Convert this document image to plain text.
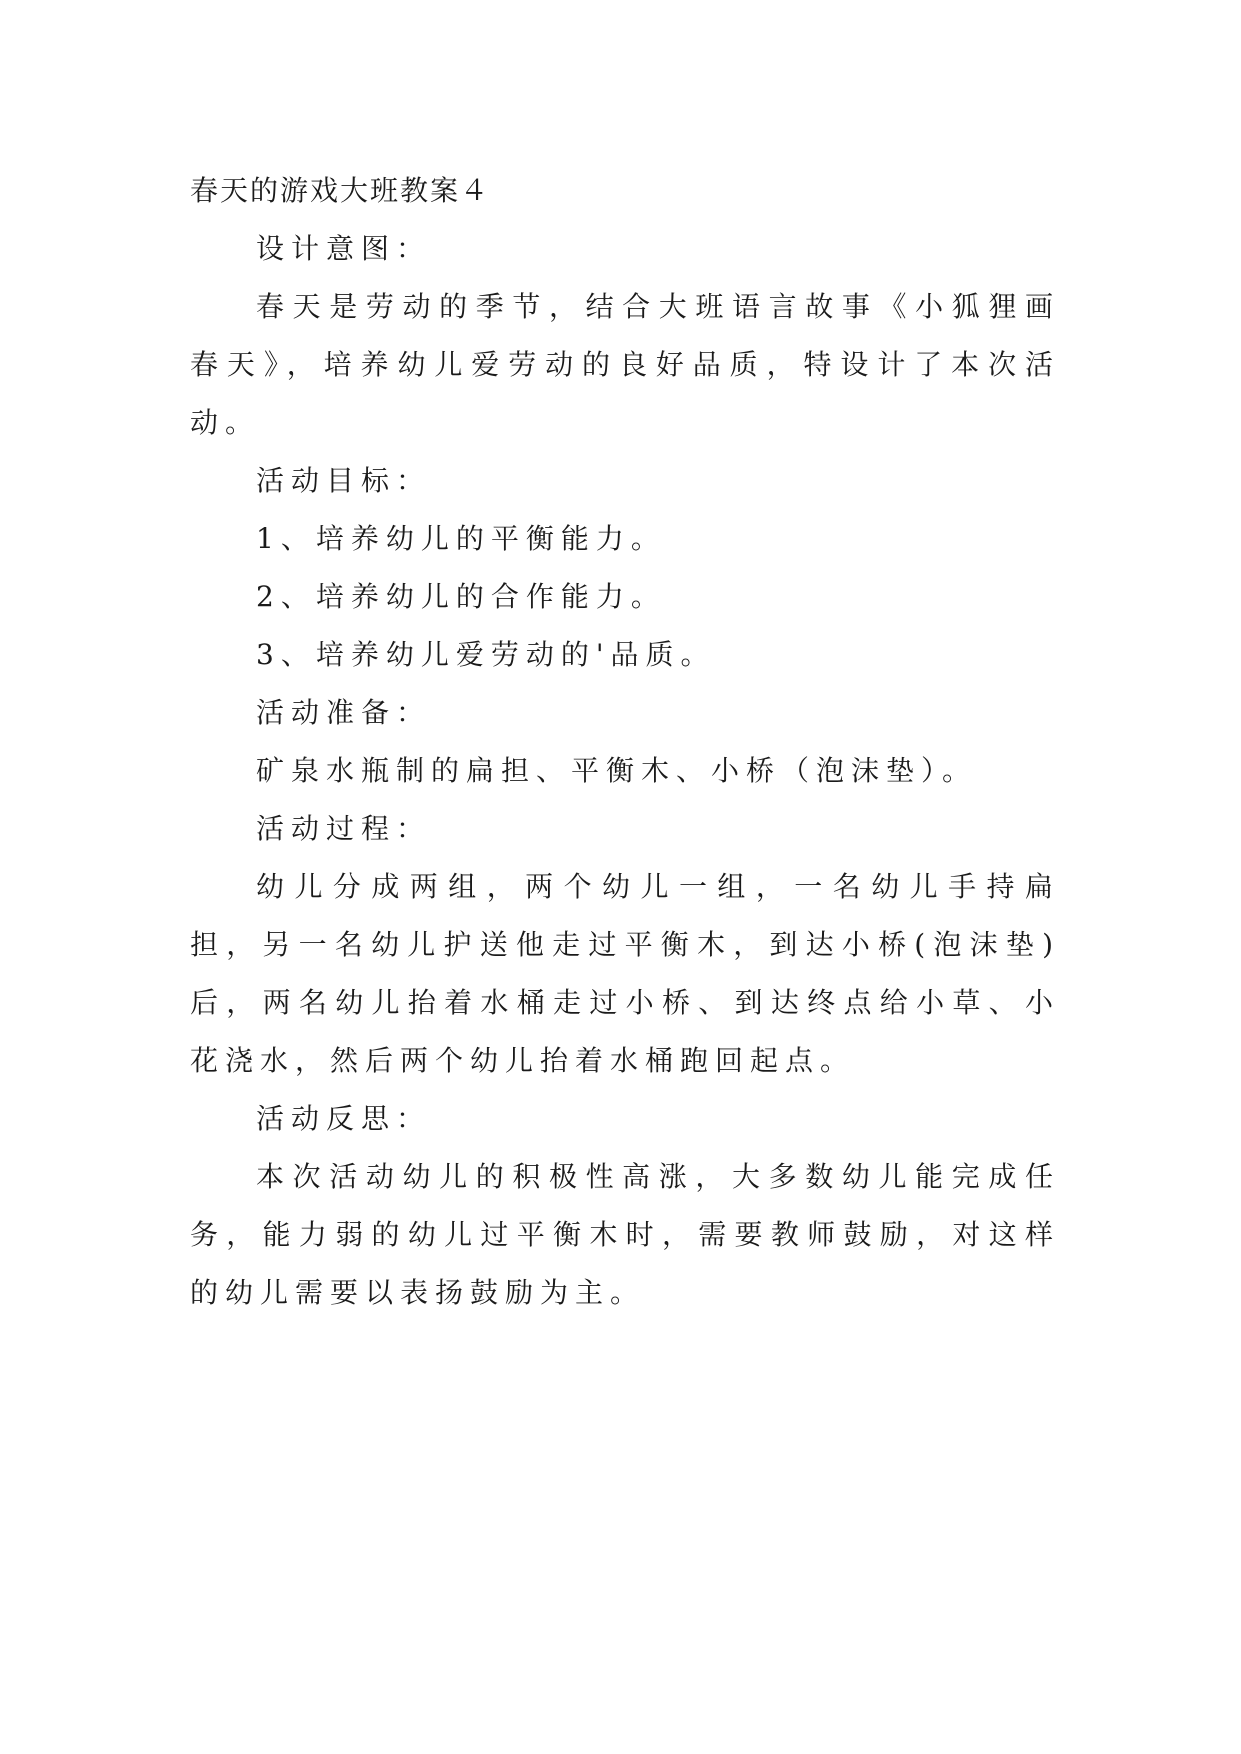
春天的游戏大班教案４

设计意图：

春天是劳动的季节，结合大班语言故事《小狐狸画春天》，培养幼儿爱劳动的良好品质，特设计了本次活动。

活动目标：

1、培养幼儿的平衡能力。

2、培养幼儿的合作能力。

3、培养幼儿爱劳动的'品质。

活动准备：

矿泉水瓶制的扁担、平衡木、小桥（泡沫垫）。

活动过程：

幼儿分成两组，两个幼儿一组，一名幼儿手持扁担，另一名幼儿护送他走过平衡木，到达小桥(泡沫垫)后，两名幼儿抬着水桶走过小桥、到达终点给小草、小花浇水，然后两个幼儿抬着水桶跑回起点。

活动反思：

本次活动幼儿的积极性高涨，大多数幼儿能完成任务，能力弱的幼儿过平衡木时，需要教师鼓励，对这样的幼儿需要以表扬鼓励为主。
